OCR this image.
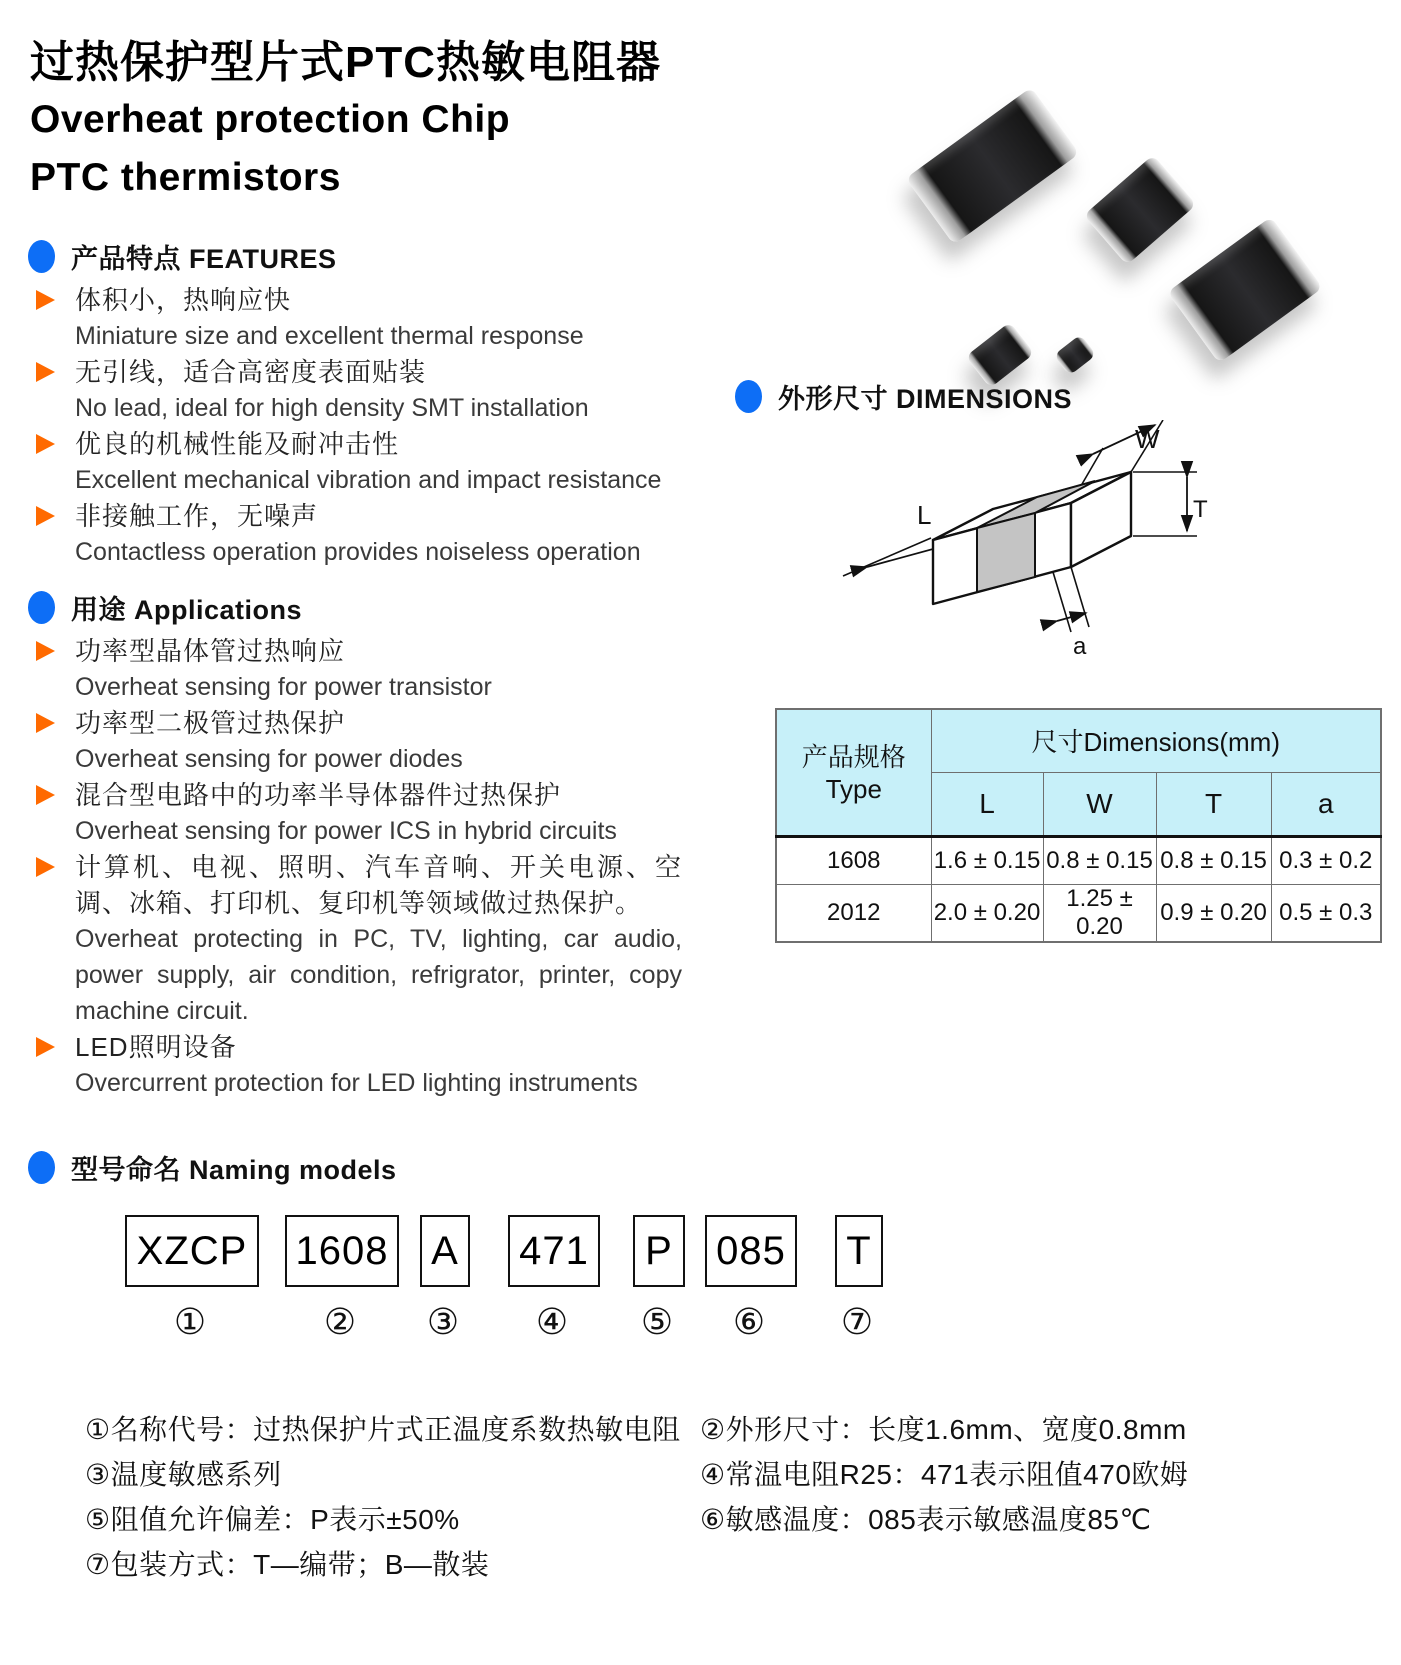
过热保护型片式PTC热敏电阻器
Overheat protection Chip
PTC thermistors
产品特点 FEATURES
体积小，热响应快
Miniature size and excellent thermal response
无引线，适合高密度表面贴装
No lead, ideal for high density SMT installation
优良的机械性能及耐冲击性
Excellent mechanical vibration and impact resistance
非接触工作，无噪声
Contactless operation provides noiseless operation
用途 Applications
功率型晶体管过热响应
Overheat sensing for power transistor
功率型二极管过热保护
Overheat sensing for power diodes
混合型电路中的功率半导体器件过热保护
Overheat sensing for power ICS in hybrid circuits
计算机、电视、照明、汽车音响、开关电源、空调、冰箱、打印机、复印机等领域做过热保护。
Overheat protecting in PC, TV, lighting, car audio, power supply, air condition, refrigrator, printer, copy machine circuit.
LED照明设备
Overcurrent protection for LED lighting instruments
外形尺寸 DIMENSIONS
L
W
T
a
产品规格
Type	尺寸Dimensions(mm)			
	L	W	T	a
1608	1.6 ± 0.15	0.8 ± 0.15	0.8 ± 0.15	0.3 ± 0.2
2012	2.0 ± 0.20	1.25 ± 0.20	0.9 ± 0.20	0.5 ± 0.3
型号命名 Naming models
XZCP 1608 A 471	P	085 T
①	② ③ ④ ⑤ ⑥ ⑦
①名称代号：过热保护片式正温度系数热敏电阻
③温度敏感系列
⑤阻值允许偏差：P表示±50%
⑦包装方式：T—编带；B—散装
②外形尺寸：长度1.6mm、宽度0.8mm
④常温电阻R25：471表示阻值470欧姆
⑥敏感温度：085表示敏感温度85℃
